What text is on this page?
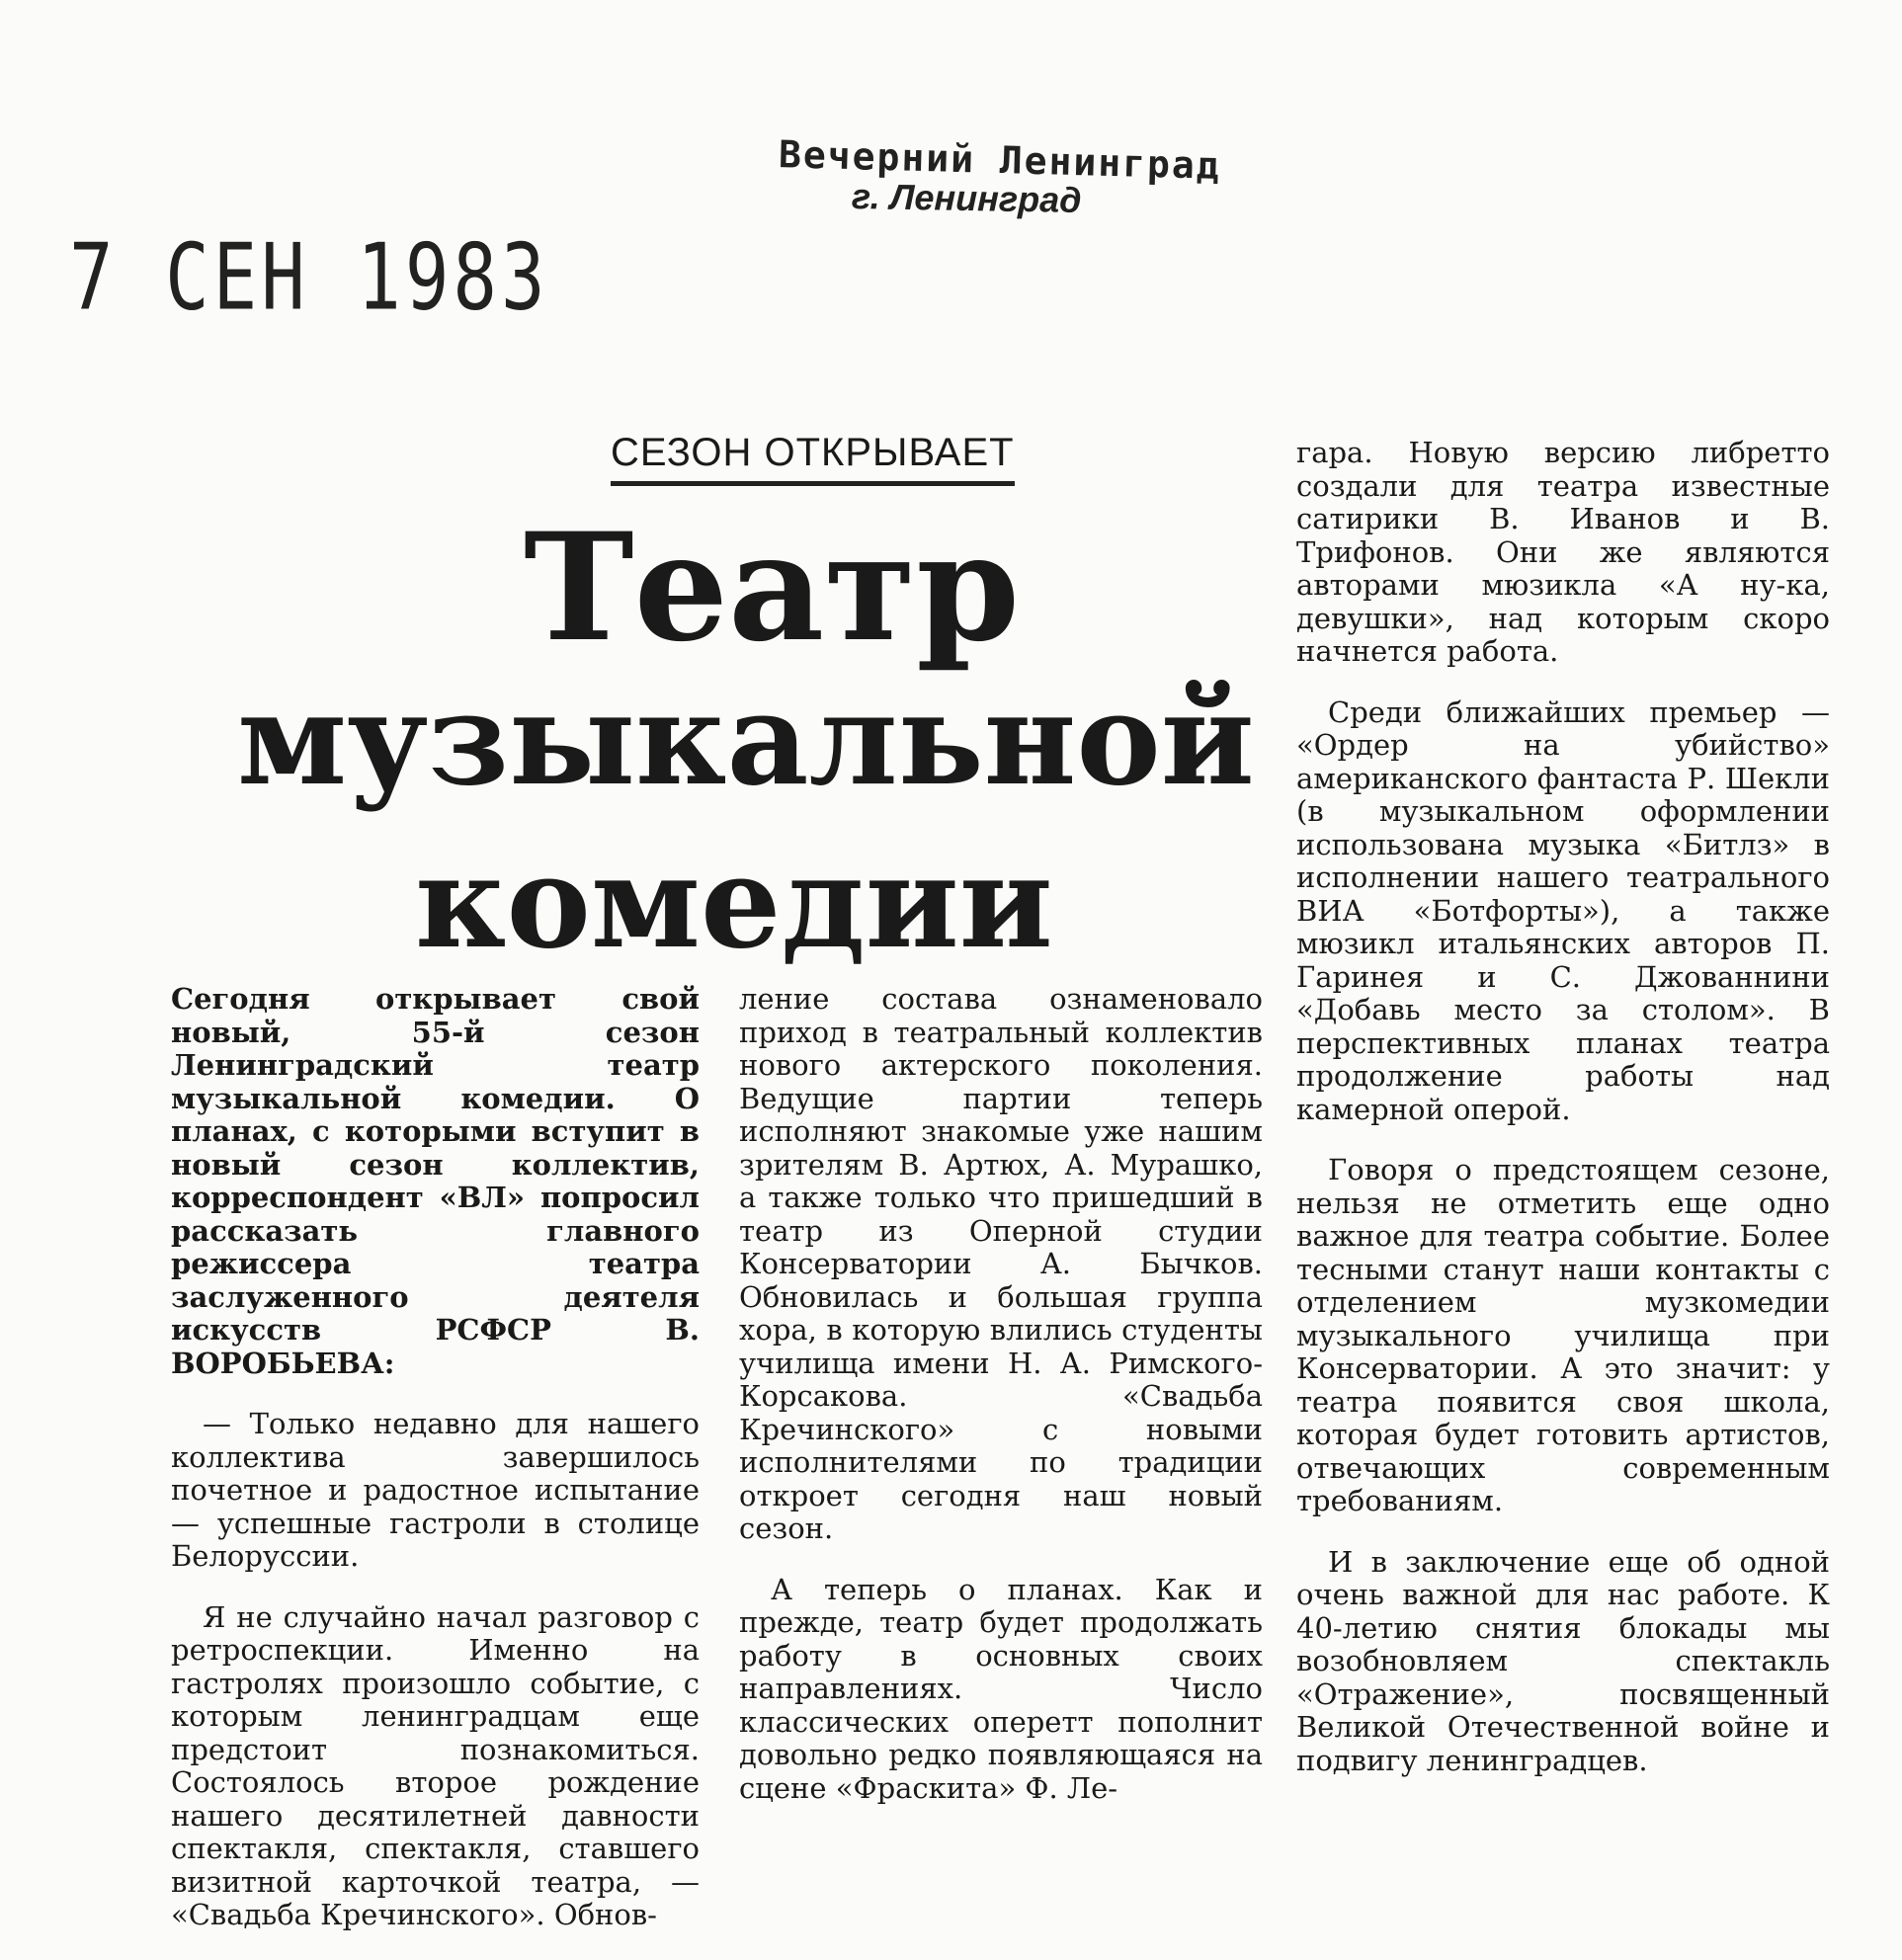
Вечерний Ленинград
г. Ленинград
7 СЕН 1983
СЕЗОН ОТКРЫВАЕТ
Театр
музыкальной
комедии

Сегодня открывает свой новый, 55-й сезон Ленинградский театр музыкальной комедии. О планах, с которыми вступит в новый сезон коллектив, корреспондент «ВЛ» попросил рассказать главного режиссера театра заслуженного деятеля искусств РСФСР В. ВОРОБЬЕВА:

— Только недавно для нашего коллектива завершилось почетное и радостное испытание — успешные гастроли в столице Белоруссии.

Я не случайно начал разговор с ретроспекции. Именно на гастролях произошло событие, с которым ленинградцам еще предстоит познакомиться. Состоялось второе рождение нашего десятилетней давности спектакля, спектакля, ставшего визитной карточкой театра, — «Свадьба Кречинского». Обнов-

ление состава ознаменовало приход в театральный коллектив нового актерского поколения. Ведущие партии теперь исполняют знакомые уже нашим зрителям В. Артюх, А. Мурашко, а также только что пришедший в театр из Оперной студии Консерватории А. Бычков. Обновилась и большая группа хора, в которую влились студенты училища имени Н. А. Римского-Корсакова. «Свадьба Кречинского» с новыми исполнителями по традиции откроет сегодня наш новый сезон.

А теперь о планах. Как и прежде, театр будет продолжать работу в основных своих направлениях. Число классических оперетт пополнит довольно редко появляющаяся на сцене «Фраскита» Ф. Ле-

гара. Новую версию либретто создали для театра известные сатирики В. Иванов и В. Трифонов. Они же являются авторами мюзикла «А ну-ка, девушки», над которым скоро начнется работа.

Среди ближайших премьер — «Ордер на убийство» американского фантаста Р. Шекли (в музыкальном оформлении использована музыка «Битлз» в исполнении нашего театрального ВИА «Ботфорты»), а также мюзикл итальянских авторов П. Гаринея и С. Джованнини «Добавь место за столом». В перспективных планах театра продолжение работы над камерной оперой.

Говоря о предстоящем сезоне, нельзя не отметить еще одно важное для театра событие. Более тесными станут наши контакты с отделением музкомедии музыкального училища при Консерватории. А это значит: у театра появится своя школа, которая будет готовить артистов, отвечающих современным требованиям.

И в заключение еще об одной очень важной для нас работе. К 40-летию снятия блокады мы возобновляем спектакль «Отражение», посвященный Великой Отечественной войне и подвигу ленинградцев.
